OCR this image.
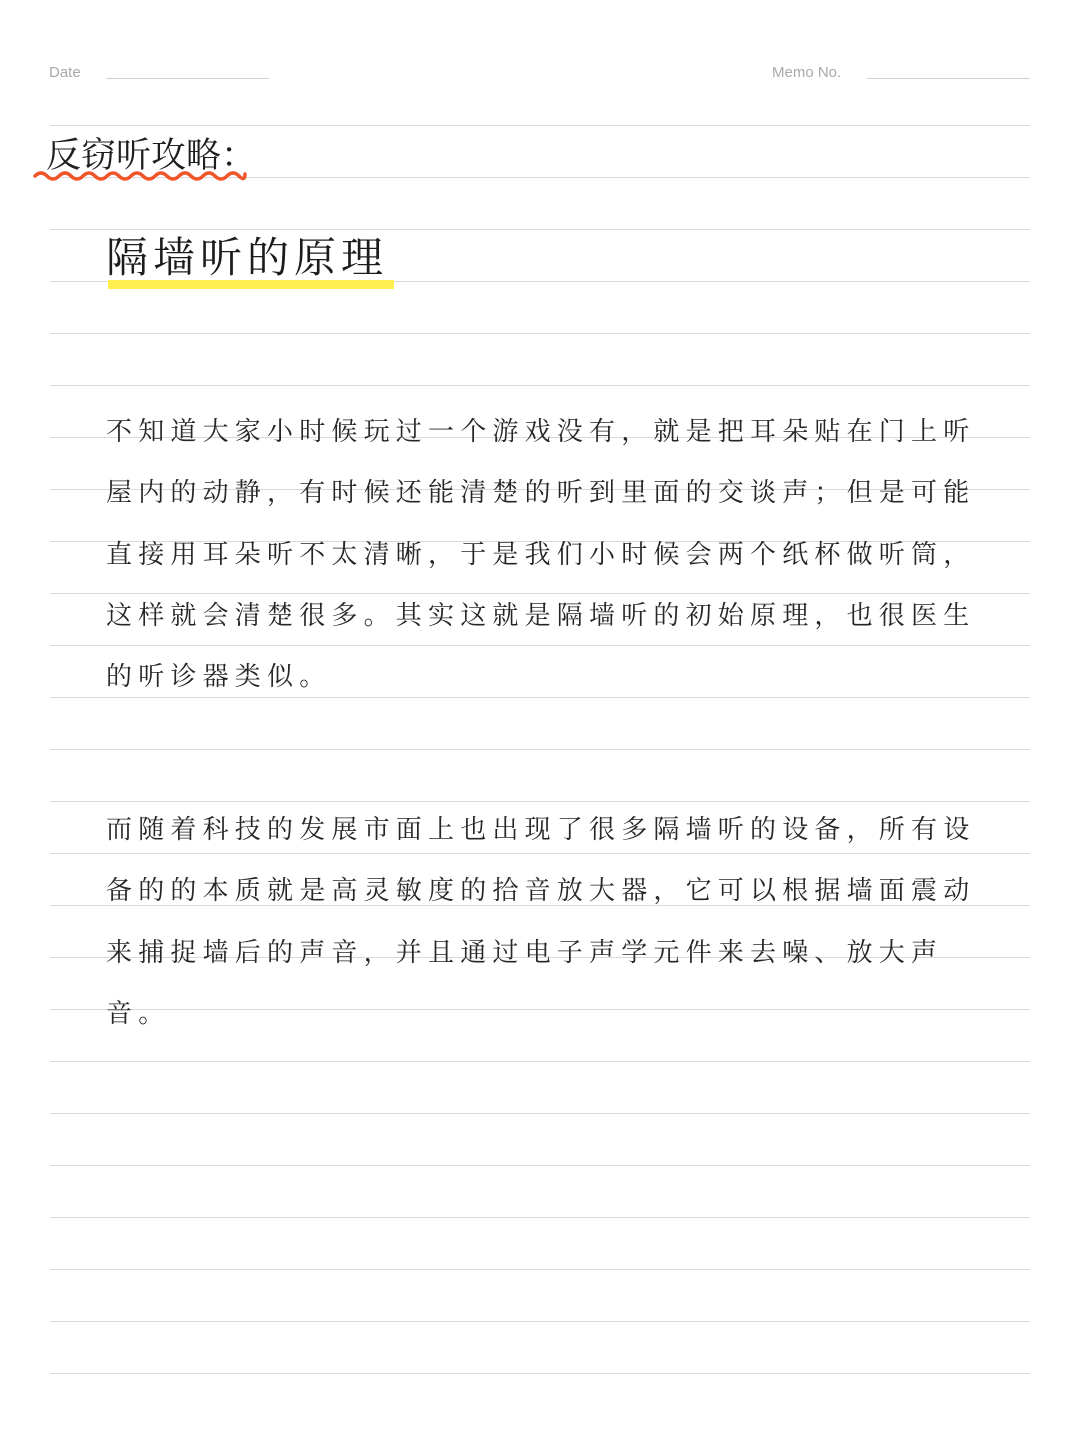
Date	Memo No.
反窃听攻略：
隔墙听的原理

不知道大家小时候玩过一个游戏没有，就是把耳朵贴在门上听屋内的动静，有时候还能清楚的听到里面的交谈声；但是可能直接用耳朵听不太清晰，于是我们小时候会两个纸杯做听筒，这样就会清楚很多。其实这就是隔墙听的初始原理，也很医生的听诊器类似。

而随着科技的发展市面上也出现了很多隔墙听的设备，所有设备的的本质就是高灵敏度的拾音放大器，它可以根据墙面震动来捕捉墙后的声音，并且通过电子声学元件来去噪、放大声音。
